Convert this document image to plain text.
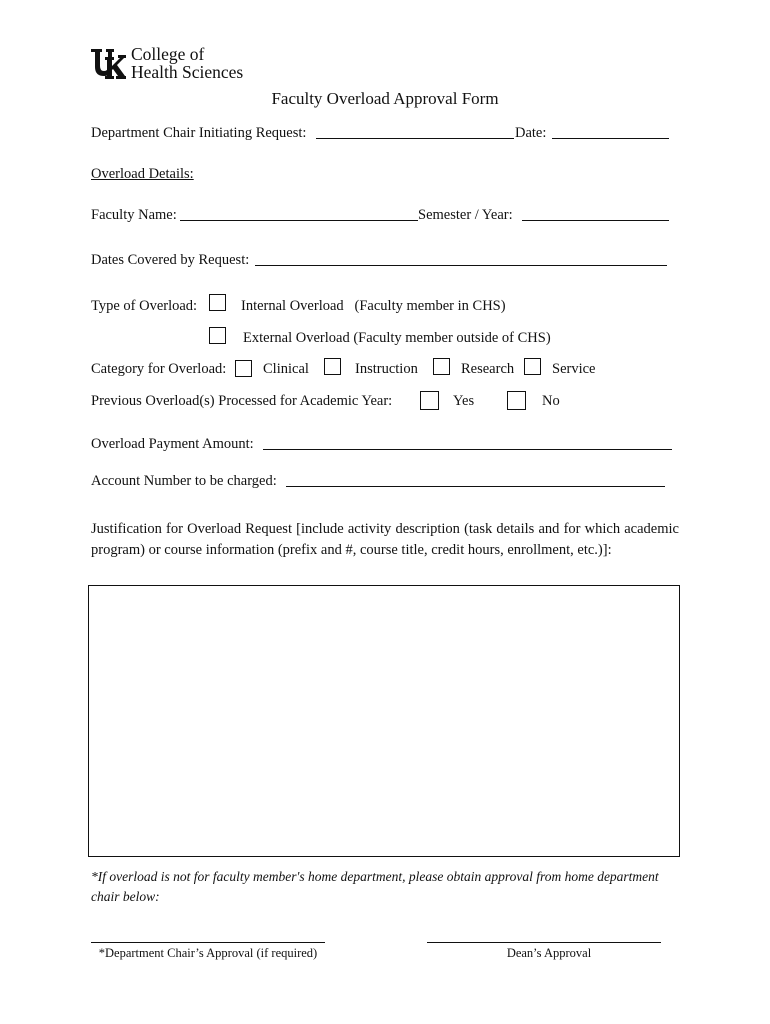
College of
Health Sciences
Faculty Overload Approval Form
Department Chair Initiating Request:	Date:
Overload Details:
Faculty Name:	Semester / Year:
Dates Covered by Request:
Type of Overload:	Internal Overload   (Faculty member in CHS)
External Overload (Faculty member outside of CHS)
Category for Overload:	Clinical	Instruction	Research	Service
Previous Overload(s) Processed for Academic Year:	Yes	No
Overload Payment Amount:
Account Number to be charged:
Justification for Overload Request [include activity description (task details and for which academic program) or course information (prefix and #, course title, credit hours, enrollment, etc.)]:
*If overload is not for faculty member's home department, please obtain approval from home department chair below:
*Department Chair’s Approval (if required)	Dean’s Approval
